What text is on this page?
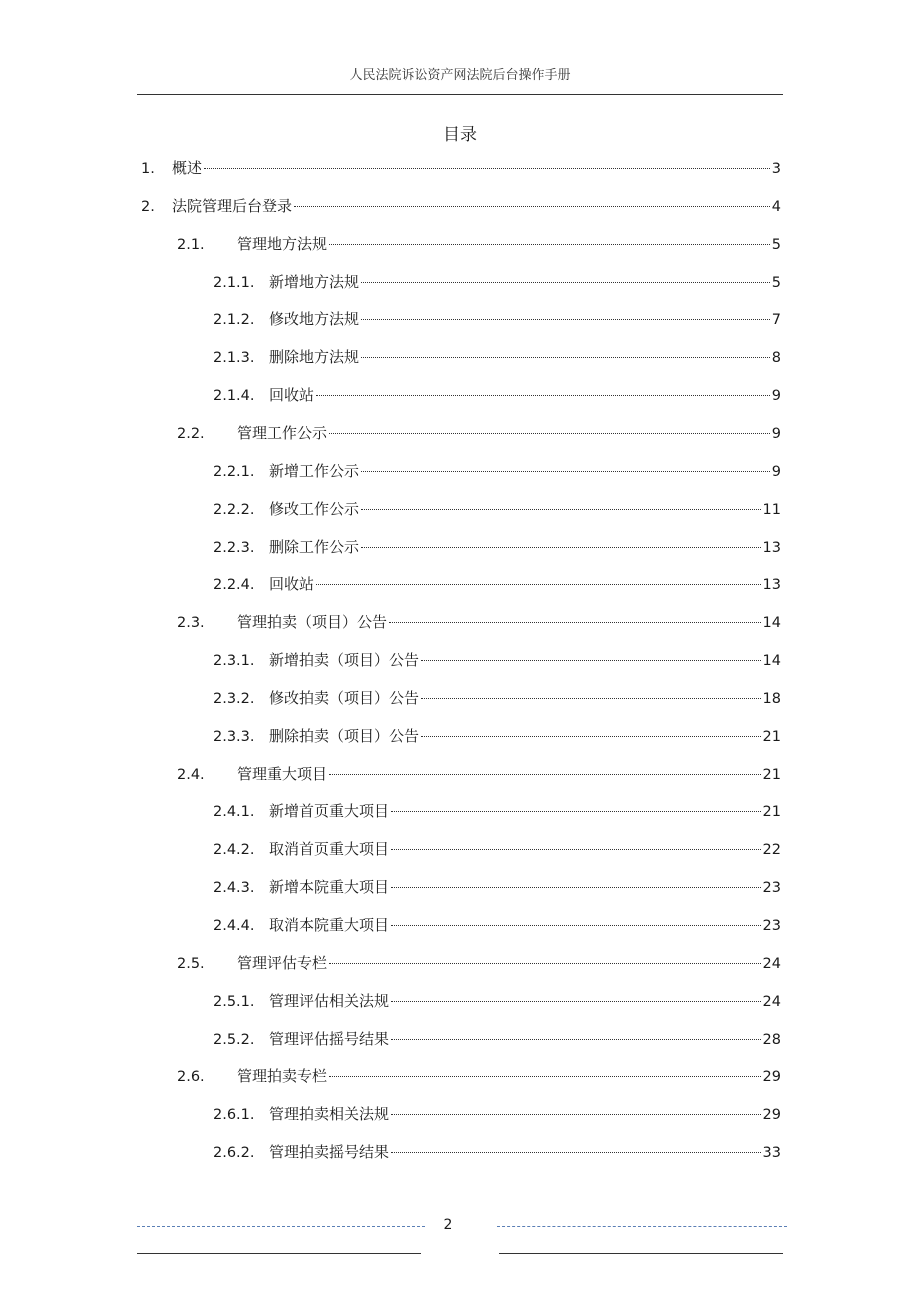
人民法院诉讼资产网法院后台操作手册
目录
1.	概述	3
2.	法院管理后台登录	4
2.1.	管理地方法规	5
2.1.1. 新增地方法规	5
2.1.2. 修改地方法规	7
2.1.3. 删除地方法规	8
2.1.4. 回收站	9
2.2.	管理工作公示	9
2.2.1. 新增工作公示	9
2.2.2. 修改工作公示	11
2.2.3. 删除工作公示	13
2.2.4. 回收站	13
2.3.	管理拍卖（项目）公告	14
2.3.1. 新增拍卖（项目）公告	14
2.3.2. 修改拍卖（项目）公告	18
2.3.3. 删除拍卖（项目）公告	21
2.4.	管理重大项目	21
2.4.1. 新增首页重大项目	21
2.4.2. 取消首页重大项目	22
2.4.3. 新增本院重大项目	23
2.4.4. 取消本院重大项目	23
2.5.	管理评估专栏	24
2.5.1. 管理评估相关法规	24
2.5.2. 管理评估摇号结果	28
2.6.	管理拍卖专栏	29
2.6.1. 管理拍卖相关法规	29
2.6.2. 管理拍卖摇号结果	33
2
